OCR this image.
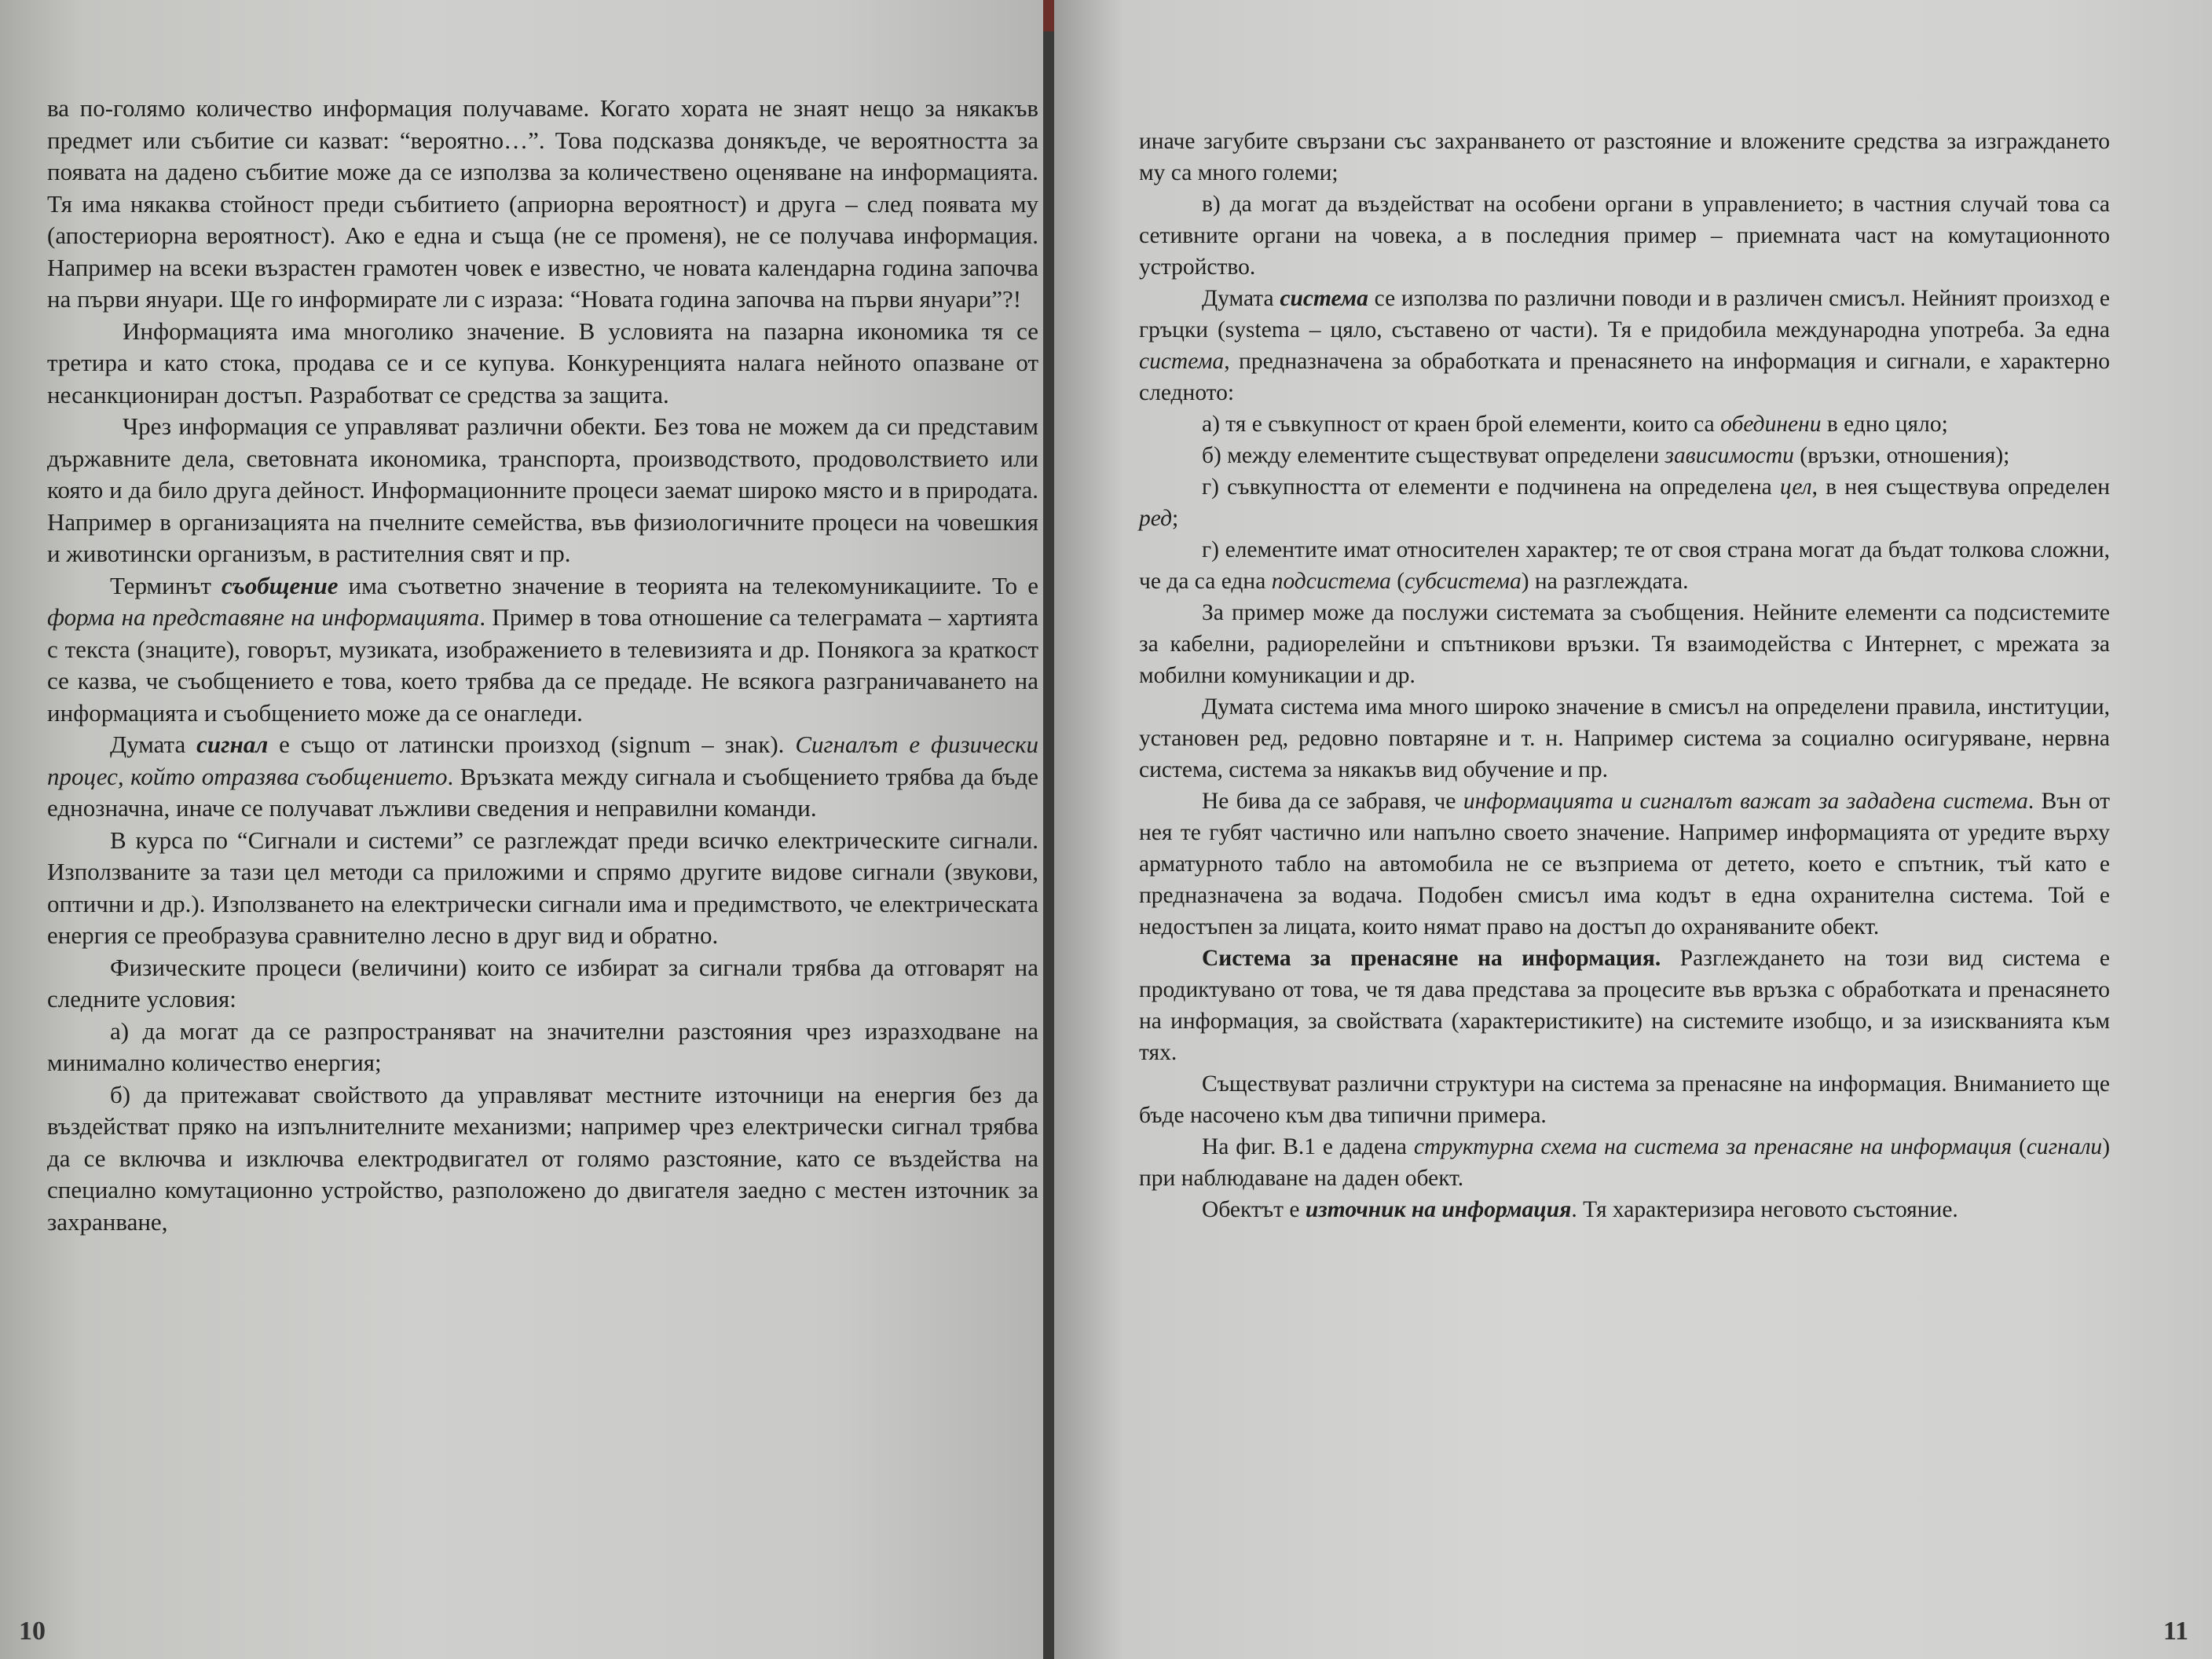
ва по-голямо количество информация получаваме. Когато хората не знаят нещо за някакъв предмет или събитие си казват: “вероятно…”. Това подсказва донякъде, че вероятността за появата на дадено събитие може да се използва за количествено оценяване на информацията. Тя има някаква стойност преди събитието (априорна вероятност) и друга – след появата му (апостериорна вероятност). Ако е една и съща (не се променя), не се получава информация. Например на всеки възрастен грамотен човек е известно, че новата календарна година започва на първи януари. Ще го информирате ли с израза: “Новата година започва на първи януари”?!

Информацията има многолико значение. В условията на пазарна икономика тя се третира и като стока, продава се и се купува. Конкуренцията налага нейното опазване от несанкциониран достъп. Разработват се средства за защита.

Чрез информация се управляват различни обекти. Без това не можем да си представим държавните дела, световната икономика, транспорта, производството, продоволствието или която и да било друга дейност. Информационните процеси заемат широко място и в природата. Например в организацията на пчелните семейства, във физиологичните процеси на човешкия и животински организъм, в растителния свят и пр.

Терминът съобщение има съответно значение в теорията на телекомуникациите. То е форма на представяне на информацията. Пример в това отношение са телеграмата – хартията с текста (знаците), говорът, музиката, изображението в телевизията и др. Понякога за краткост се казва, че съобщението е това, което трябва да се предаде. Не всякога разграничаването на информацията и съобщението може да се онагледи.

Думата сигнал е също от латински произход (signum – знак). Сигналът е физически процес, който отразява съобщението. Връзката между сигнала и съобщението трябва да бъде еднозначна, иначе се получават лъжливи сведения и неправилни команди.

В курса по “Сигнали и системи” се разглеждат преди всичко електрическите сигнали. Използваните за тази цел методи са приложими и спрямо другите видове сигнали (звукови, оптични и др.). Използването на електрически сигнали има и предимството, че електрическата енергия се преобразува сравнително лесно в друг вид и обратно.

Физическите процеси (величини) които се избират за сигнали трябва да отговарят на следните условия:

а) да могат да се разпространяват на значителни разстояния чрез изразходване на минимално количество енергия;

б) да притежават свойството да управляват местните източници на енергия без да въздействат пряко на изпълнителните механизми; например чрез електрически сигнал трябва да се включва и изключва електродвигател от голямо разстояние, като се въздейства на специално комутационно устройство, разположено до двигателя заедно с местен източник за захранване,

10

иначе загубите свързани със захранването от разстояние и вложените средства за изграждането му са много големи;

в) да могат да въздействат на особени органи в управлението; в частния случай това са сетивните органи на човека, а в последния пример – приемната част на комутационното устройство.

Думата система се използва по различни поводи и в различен смисъл. Нейният произход е гръцки (systema – цяло, съставено от части). Тя е придобила международна употреба. За една система, предназначена за обработката и пренасянето на информация и сигнали, е характерно следното:

а) тя е съвкупност от краен брой елементи, които са обединени в едно цяло;

б) между елементите съществуват определени зависимости (връзки, отношения);

г) съвкупността от елементи е подчинена на определена цел, в нея съществува определен ред;

г) елементите имат относителен характер; те от своя страна могат да бъдат толкова сложни, че да са една подсистема (субсистема) на разглеждата.

За пример може да послужи системата за съобщения. Нейните елементи са подсистемите за кабелни, радиорелейни и спътникови връзки. Тя взаимодейства с Интернет, с мрежата за мобилни комуникации и др.

Думата система има много широко значение в смисъл на определени правила, институции, установен ред, редовно повтаряне и т. н. Например система за социално осигуряване, нервна система, система за някакъв вид обучение и пр.

Не бива да се забравя, че информацията и сигналът важат за зададена система. Вън от нея те губят частично или напълно своето значение. Например информацията от уредите върху арматурното табло на автомобила не се възприема от детето, което е спътник, тъй като е предназначена за водача. Подобен смисъл има кодът в една охранителна система. Той е недостъпен за лицата, които нямат право на достъп до охраняваните обект.

Система за пренасяне на информация. Разглеждането на този вид система е продиктувано от това, че тя дава представа за процесите във връзка с обработката и пренасянето на информация, за свойствата (характеристиките) на системите изобщо, и за изискванията към тях.

Съществуват различни структури на система за пренасяне на информация. Вниманието ще бъде насочено към два типични примера.

На фиг. В.1 е дадена структурна схема на система за пренасяне на информация (сигнали) при наблюдаване на даден обект.

Обектът е източник на информация. Тя характеризира неговото състояние.

11
